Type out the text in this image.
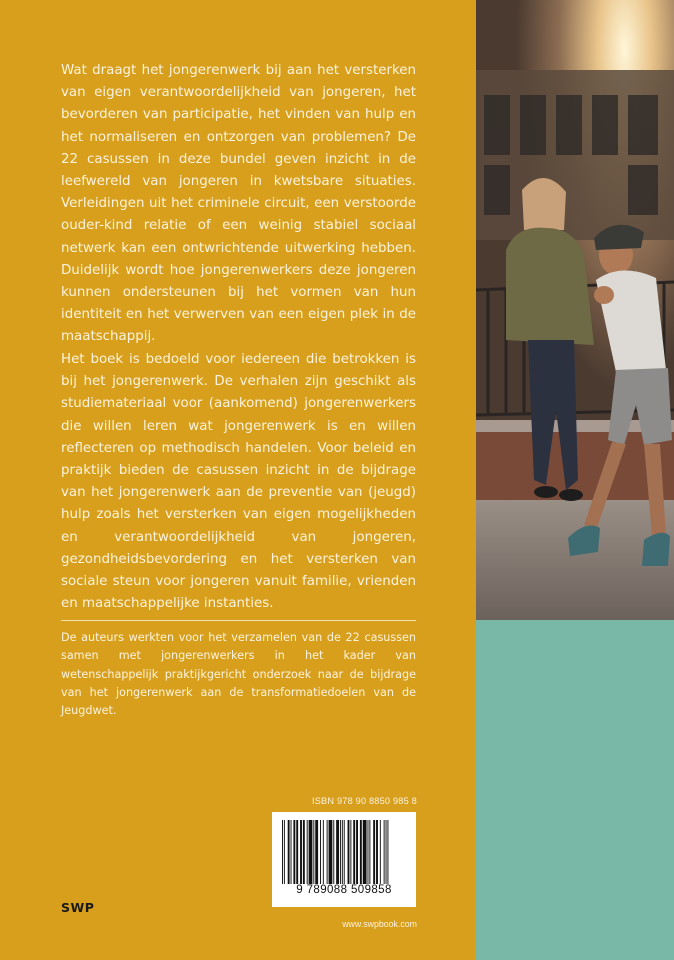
Wat draagt het jongerenwerk bij aan het versterken van eigen verantwoordelijkheid van jongeren, het bevorderen van participatie, het vinden van hulp en het normaliseren en ontzorgen van problemen? De 22 casussen in deze bundel geven inzicht in de leefwereld van jongeren in kwetsbare situaties. Verleidingen uit het criminele circuit, een verstoorde ouder-kind relatie of een weinig stabiel sociaal netwerk kan een ontwrichtende uitwerking hebben. Duidelijk wordt hoe jongerenwerkers deze jongeren kunnen ondersteunen bij het vormen van hun identiteit en het verwerven van een eigen plek in de maatschappij.

Het boek is bedoeld voor iedereen die betrokken is bij het jongerenwerk. De verhalen zijn geschikt als studiemateriaal voor (aankomend) jongerenwerkers die willen leren wat jongerenwerk is en willen reflecteren op methodisch handelen. Voor beleid en praktijk bieden de casussen inzicht in de bijdrage van het jongerenwerk aan de preventie van (jeugd) hulp zoals het versterken van eigen mogelijkheden en verantwoordelijkheid van jongeren, gezondheidsbevordering en het versterken van sociale steun voor jongeren vanuit familie, vrienden en maatschappelijke instanties.

De auteurs werkten voor het verzamelen van de 22 casussen samen met jongerenwerkers in het kader van wetenschappelijk praktijkgericht onderzoek naar de bijdrage van het jongerenwerk aan de transformatiedoelen van de Jeugdwet.

ISBN 978 90 8850 985 8
9 789088 509858
www.swpbook.com
SWP
